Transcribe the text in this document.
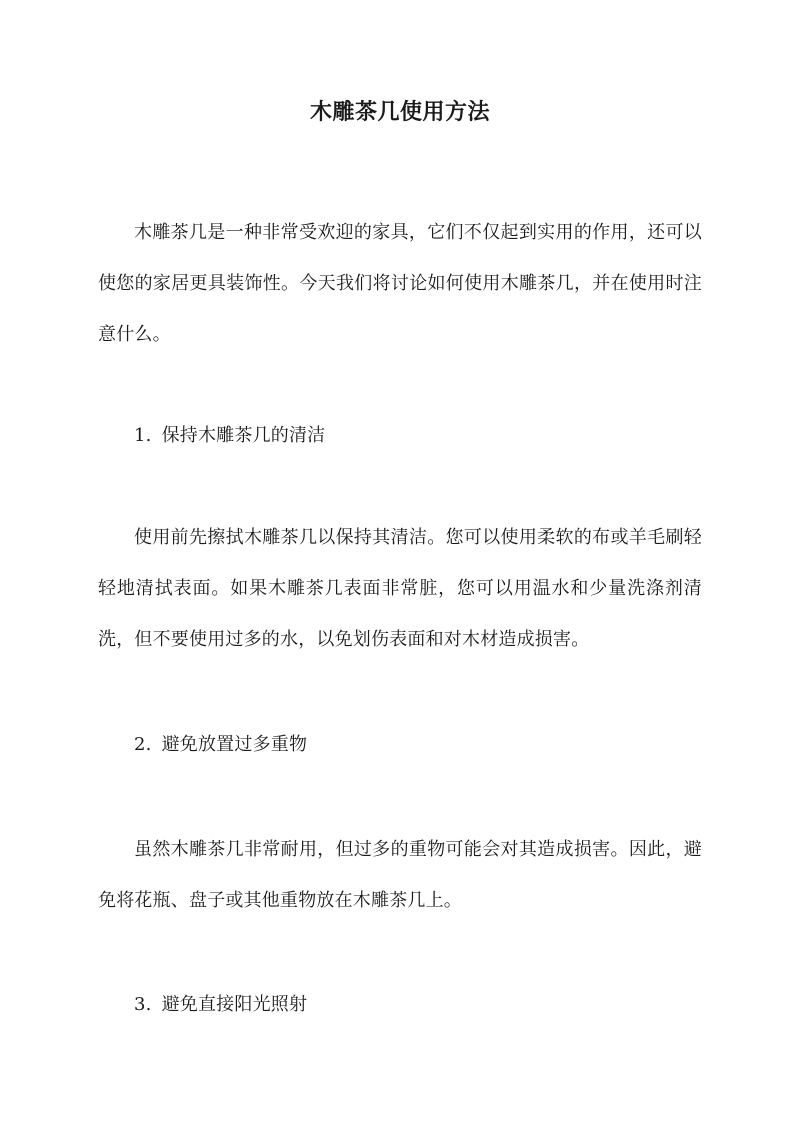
木雕茶几使用方法
木雕茶几是一种非常受欢迎的家具，它们不仅起到实用的作用，还可以使您的家居更具装饰性。今天我们将讨论如何使用木雕茶几，并在使用时注意什么。
1. 保持木雕茶几的清洁
使用前先擦拭木雕茶几以保持其清洁。您可以使用柔软的布或羊毛刷轻轻地清拭表面。如果木雕茶几表面非常脏，您可以用温水和少量洗涤剂清洗，但不要使用过多的水，以免划伤表面和对木材造成损害。
2. 避免放置过多重物
虽然木雕茶几非常耐用，但过多的重物可能会对其造成损害。因此，避免将花瓶、盘子或其他重物放在木雕茶几上。
3. 避免直接阳光照射
